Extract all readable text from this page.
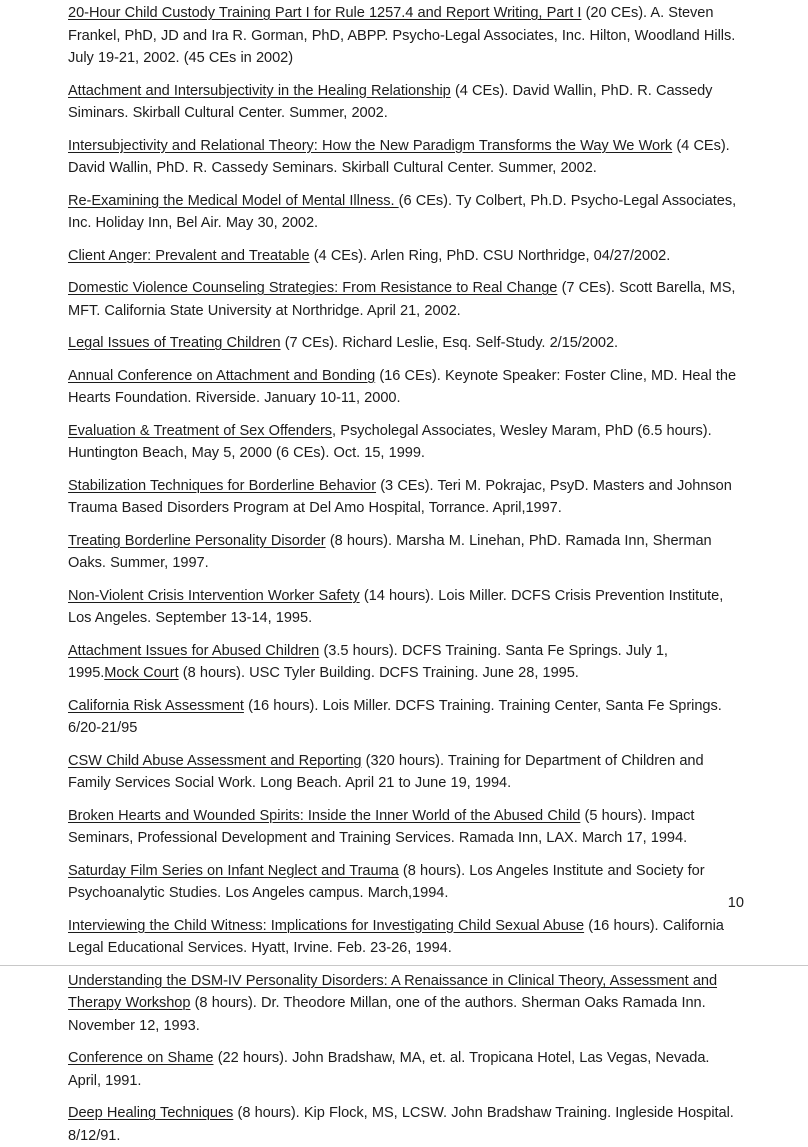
20-Hour Child Custody Training Part I for Rule 1257.4 and Report Writing, Part I (20 CEs). A. Steven Frankel, PhD, JD and Ira R. Gorman, PhD, ABPP. Psycho-Legal Associates, Inc. Hilton, Woodland Hills. July 19-21, 2002. (45 CEs in 2002)

Attachment and Intersubjectivity in the Healing Relationship (4 CEs). David Wallin, PhD. R. Cassedy Siminars. Skirball Cultural Center. Summer, 2002.

Intersubjectivity and Relational Theory: How the New Paradigm Transforms the Way We Work (4 CEs). David Wallin, PhD. R. Cassedy Seminars. Skirball Cultural Center. Summer, 2002.

Re-Examining the Medical Model of Mental Illness. (6 CEs). Ty Colbert, Ph.D. Psycho-Legal Associates, Inc. Holiday Inn, Bel Air. May 30, 2002.

Client Anger: Prevalent and Treatable (4 CEs). Arlen Ring, PhD. CSU Northridge, 04/27/2002.

Domestic Violence Counseling Strategies: From Resistance to Real Change (7 CEs). Scott Barella, MS, MFT. California State University at Northridge. April 21, 2002.

Legal Issues of Treating Children (7 CEs). Richard Leslie, Esq. Self-Study. 2/15/2002.

Annual Conference on Attachment and Bonding (16 CEs). Keynote Speaker: Foster Cline, MD. Heal the Hearts Foundation. Riverside. January 10-11, 2000.

Evaluation & Treatment of Sex Offenders, Psycholegal Associates, Wesley Maram, PhD (6.5 hours). Huntington Beach, May 5, 2000 (6 CEs). Oct. 15, 1999.

Stabilization Techniques for Borderline Behavior (3 CEs). Teri M. Pokrajac, PsyD. Masters and Johnson Trauma Based Disorders Program at Del Amo Hospital, Torrance. April,1997.

Treating Borderline Personality Disorder (8 hours). Marsha M. Linehan, PhD. Ramada Inn, Sherman Oaks. Summer, 1997.

Non-Violent Crisis Intervention Worker Safety (14 hours). Lois Miller. DCFS Crisis Prevention Institute, Los Angeles. September 13-14, 1995.

Attachment Issues for Abused Children (3.5 hours). DCFS Training. Santa Fe Springs. July 1, 1995.Mock Court (8 hours). USC Tyler Building. DCFS Training. June 28, 1995.

California Risk Assessment (16 hours). Lois Miller. DCFS Training. Training Center, Santa Fe Springs. 6/20-21/95

CSW Child Abuse Assessment and Reporting (320 hours). Training for Department of Children and Family Services Social Work. Long Beach. April 21 to June 19, 1994.

Broken Hearts and Wounded Spirits: Inside the Inner World of the Abused Child (5 hours). Impact Seminars, Professional Development and Training Services. Ramada Inn, LAX. March 17, 1994.

Saturday Film Series on Infant Neglect and Trauma (8 hours). Los Angeles Institute and Society for Psychoanalytic Studies. Los Angeles campus. March,1994.

Interviewing the Child Witness: Implications for Investigating Child Sexual Abuse (16 hours). California Legal Educational Services. Hyatt, Irvine. Feb. 23-26, 1994.

Understanding the DSM-IV Personality Disorders: A Renaissance in Clinical Theory, Assessment and Therapy Workshop (8 hours). Dr. Theodore Millan, one of the authors. Sherman Oaks Ramada Inn. November 12, 1993.

Conference on Shame (22 hours). John Bradshaw, MA, et. al. Tropicana Hotel, Las Vegas, Nevada. April, 1991.

Deep Healing Techniques (8 hours). Kip Flock, MS, LCSW. John Bradshaw Training. Ingleside Hospital. 8/12/91.

10
